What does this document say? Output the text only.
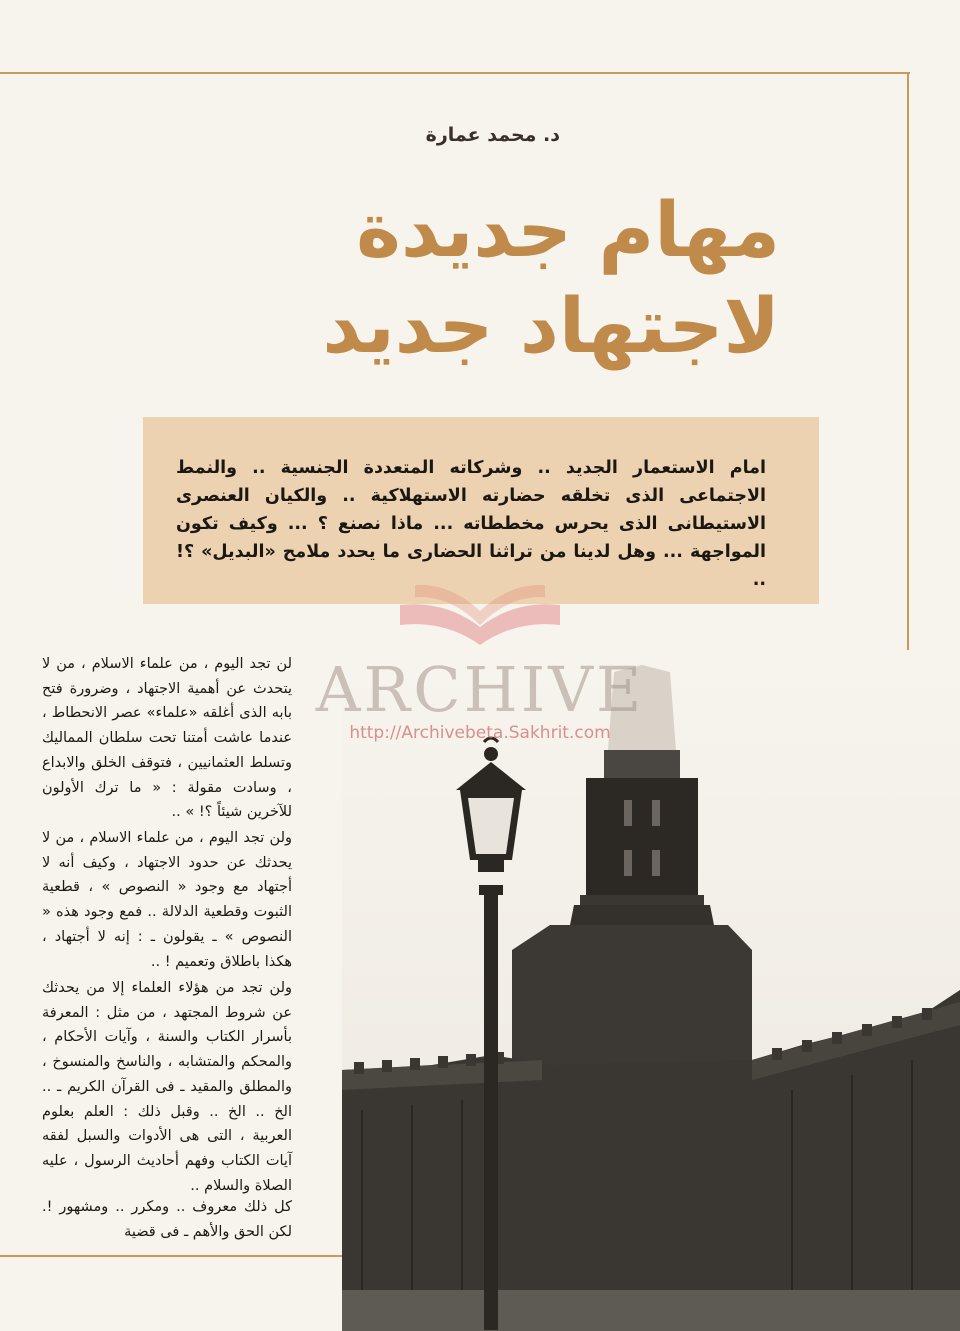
د. محمد عمارة
مهام جديدة
لاجتهاد جديد
امام الاستعمار الجديد .. وشركاته المتعددة الجنسية .. والنمط الاجتماعى الذى تخلقه حضارته الاستهلاكية .. والكيان العنصرى الاستيطانى الذى يحرس مخططاته ... ماذا نصنع ؟ ... وكيف تكون المواجهة ... وهل لدينا من تراثنا الحضارى ما يحدد ملامح «البديل» ؟! ..
ARCHIVE
http://Archivebeta.Sakhrit.com
لن تجد اليوم ، من علماء الاسلام ، من لا يتحدث عن أهمية الاجتهاد ، وضرورة فتح بابه الذى أغلقه «علماء» عصر الانحطاط ، عندما عاشت أمتنا تحت سلطان المماليك وتسلط العثمانيين ، فتوقف الخلق والابداع ، وسادت مقولة : « ما ترك الأولون للآخرين شيئاً ؟! » ..
ولن تجد اليوم ، من علماء الاسلام ، من لا يحدثك عن حدود الاجتهاد ، وكيف أنه لا أجتهاد مع وجود « النصوص » ، قطعية الثبوت وقطعية الدلالة .. فمع وجود هذه « النصوص » ـ يقولون ـ : إنه لا أجتهاد ، هكذا باطلاق وتعميم ! ..
ولن تجد من هؤلاء العلماء إلا من يحدثك عن شروط المجتهد ، من مثل : المعرفة بأسرار الكتاب والسنة ، وآيات الأحكام ، والمحكم والمتشابه ، والناسخ والمنسوخ ، والمطلق والمقيد ـ فى القرآن الكريم ـ .. الخ .. الخ .. وقبل ذلك : العلم بعلوم العربية ، التى هى الأدوات والسبل لفقه آيات الكتاب وفهم أحاديث الرسول ، عليه الصلاة والسلام ..
كل ذلك معروف .. ومكرر .. ومشهور !. لكن الحق والأهم ـ فى قضية
